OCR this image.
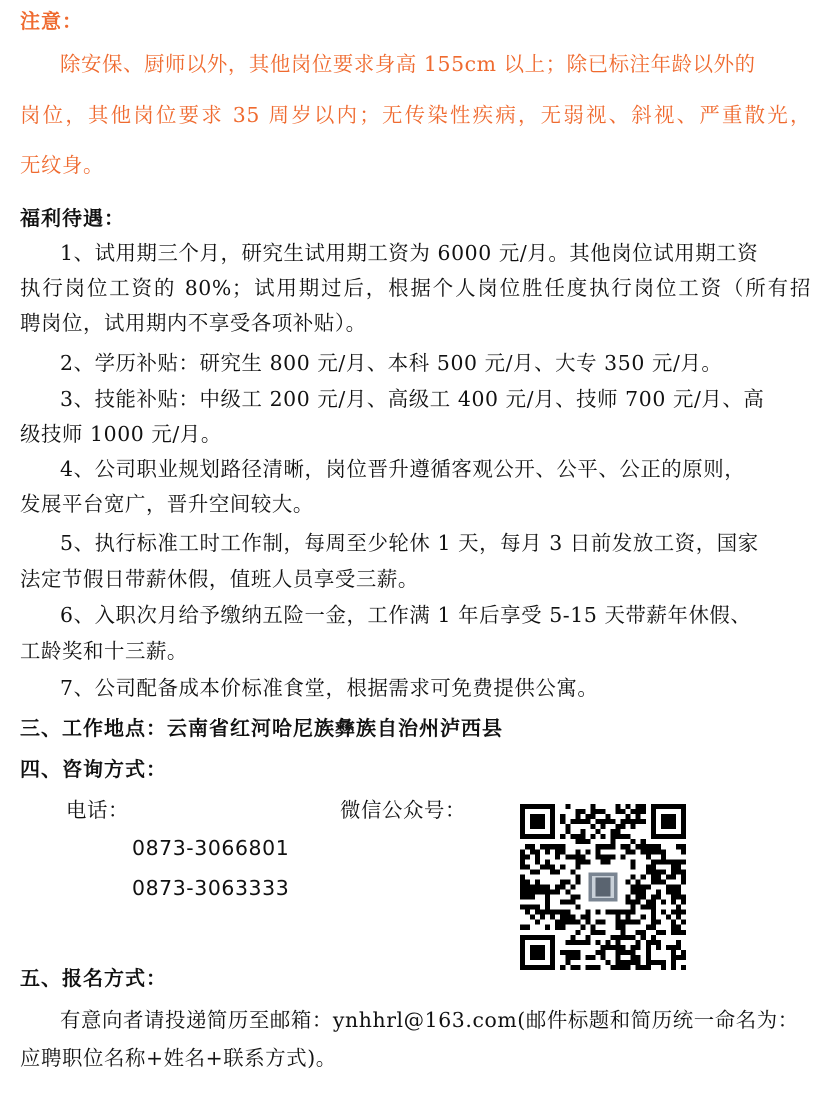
注意：
除安保、厨师以外，其他岗位要求身高 155cm 以上；除已标注年龄以外的
岗位，其他岗位要求 35 周岁以内；无传染性疾病，无弱视、斜视、严重散光，
无纹身。
福利待遇：
1、试用期三个月，研究生试用期工资为 6000 元/月。其他岗位试用期工资
执行岗位工资的 80%；试用期过后，根据个人岗位胜任度执行岗位工资（所有招
聘岗位，试用期内不享受各项补贴）。
2、学历补贴：研究生 800 元/月、本科 500 元/月、大专 350 元/月。
3、技能补贴：中级工 200 元/月、高级工 400 元/月、技师 700 元/月、高
级技师 1000 元/月。
4、公司职业规划路径清晰，岗位晋升遵循客观公开、公平、公正的原则，
发展平台宽广，晋升空间较大。
5、执行标准工时工作制，每周至少轮休 1 天，每月 3 日前发放工资，国家
法定节假日带薪休假，值班人员享受三薪。
6、入职次月给予缴纳五险一金，工作满 1 年后享受 5-15 天带薪年休假、
工龄奖和十三薪。
7、公司配备成本价标准食堂，根据需求可免费提供公寓。
三、工作地点：云南省红河哈尼族彝族自治州泸西县
四、咨询方式：
电话：	微信公众号：
0873-3066801
0873-3063333
五、报名方式：
有意向者请投递简历至邮箱：ynhhrl@163.com(邮件标题和简历统一命名为：
应聘职位名称+姓名+联系方式)。
